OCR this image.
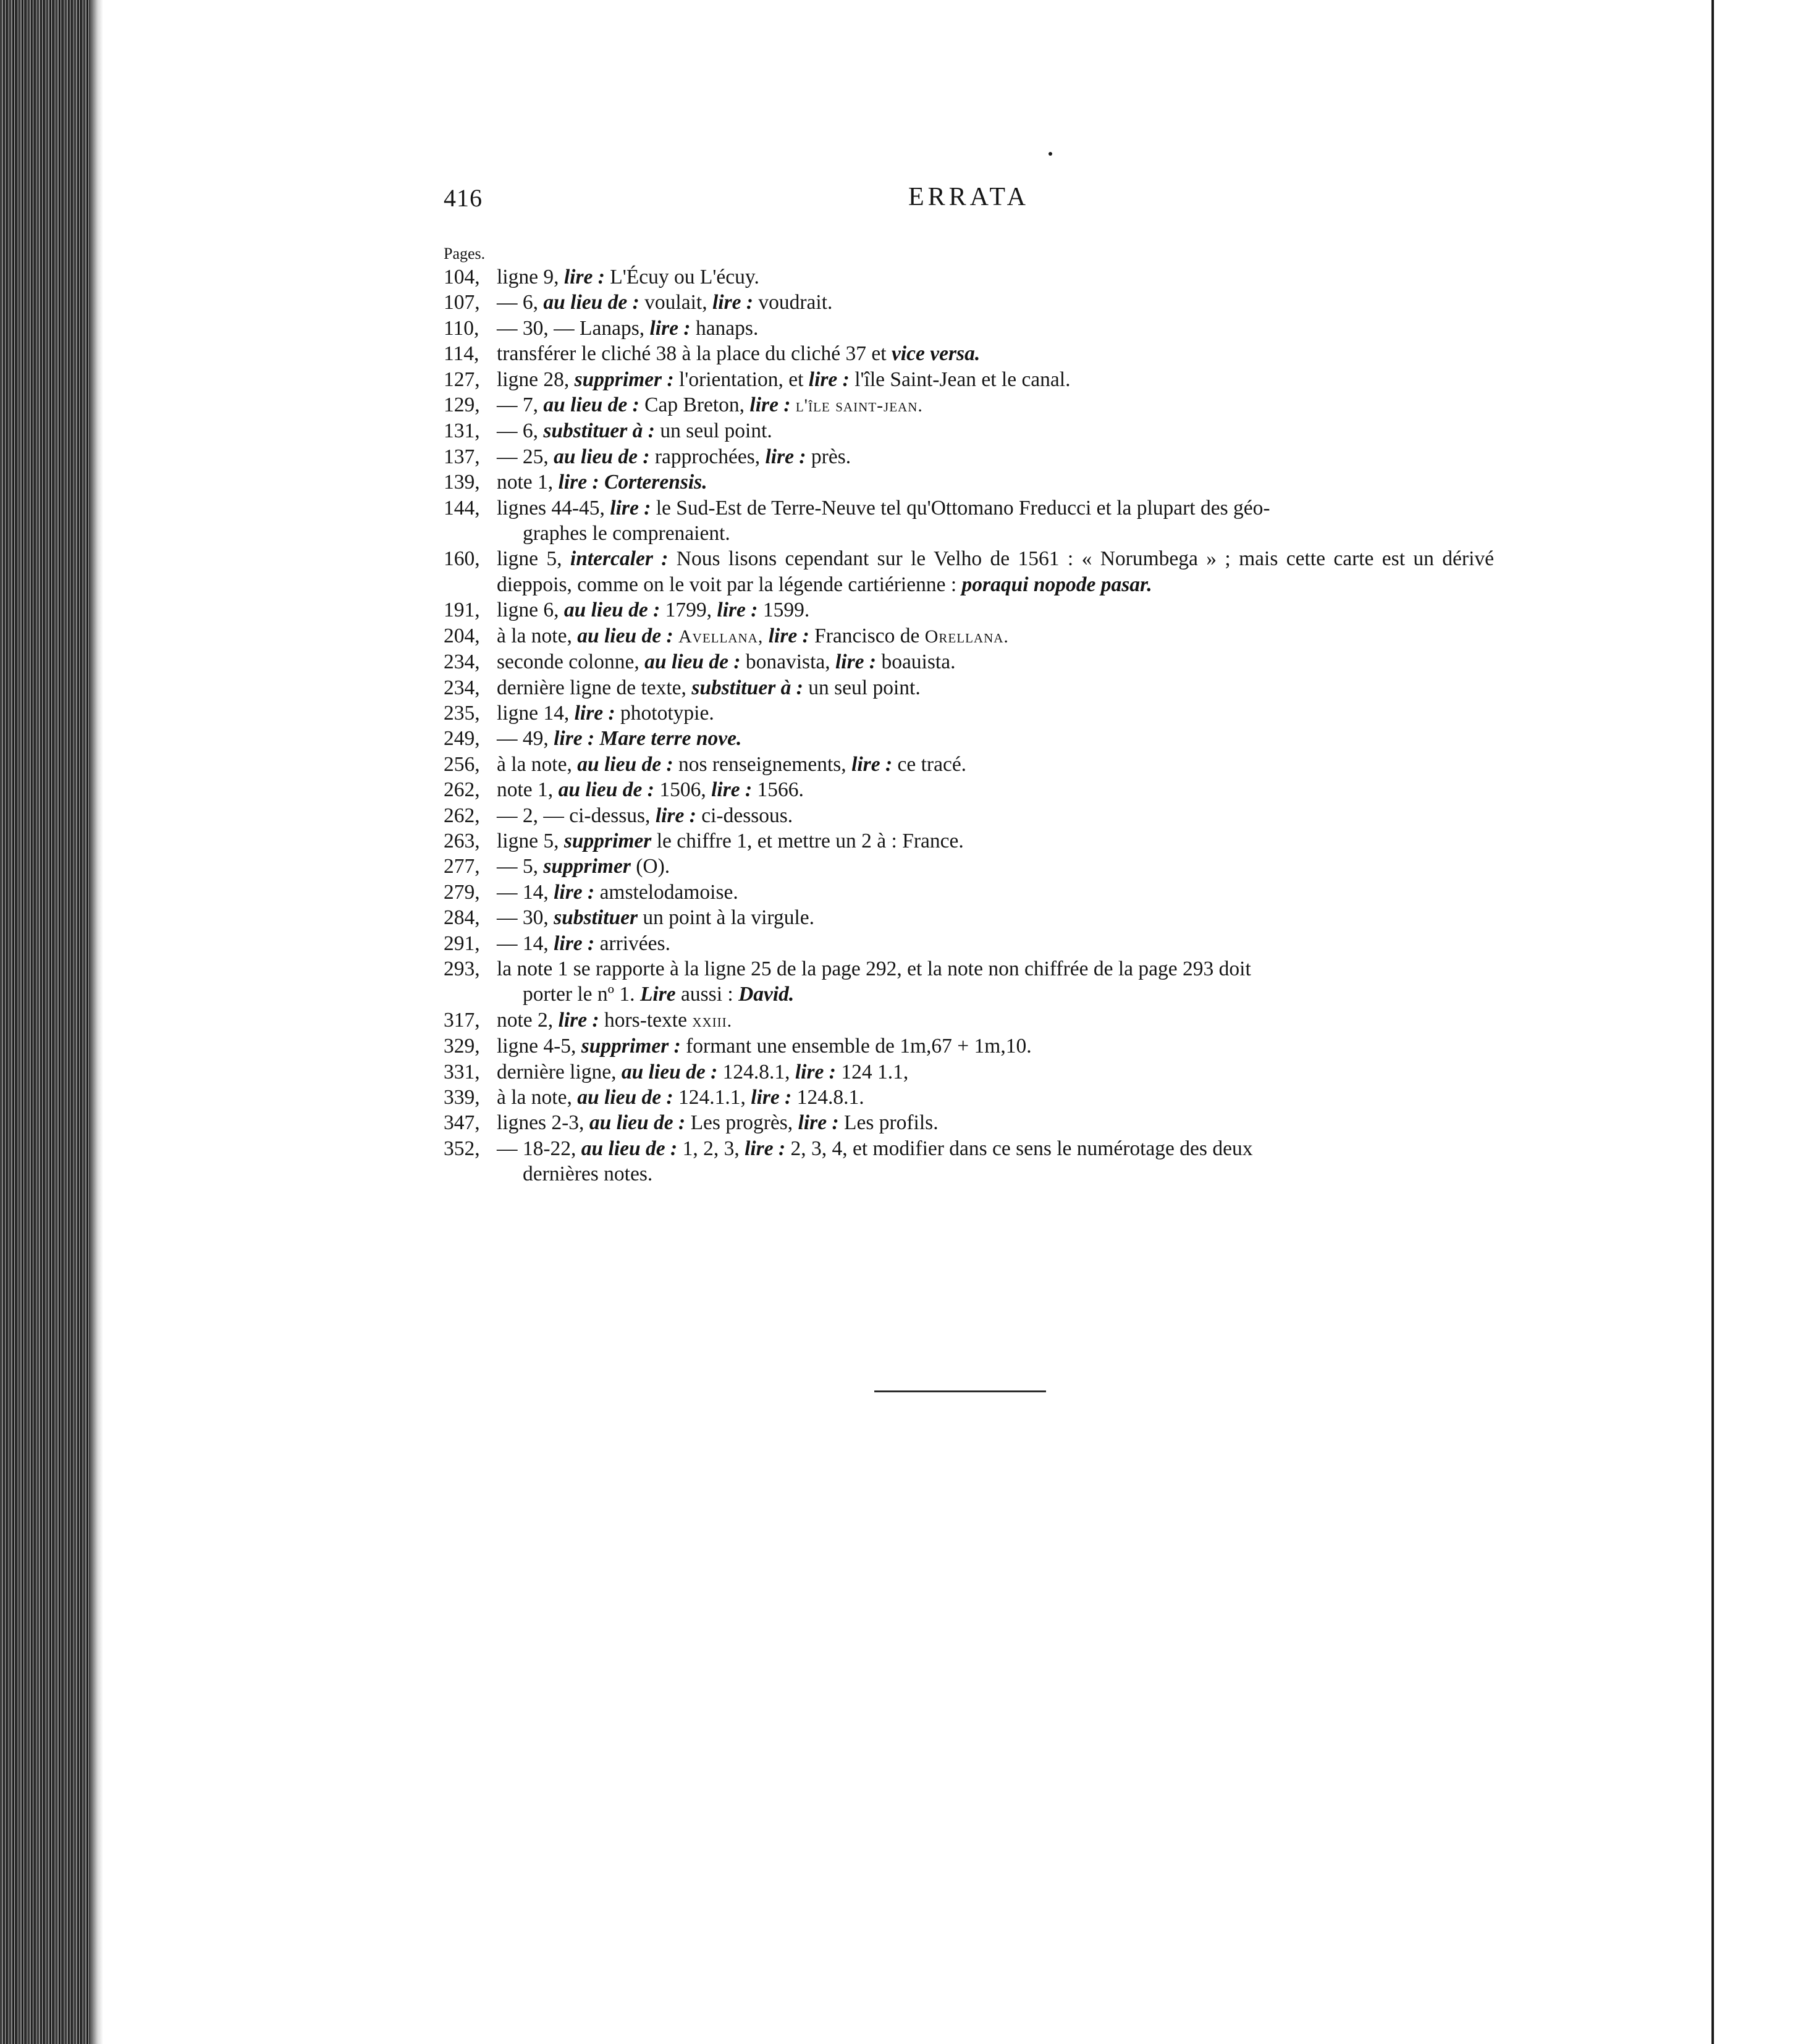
416	ERRATA
Pages.
104, ligne 9, lire : L'Écuy ou L'écuy.
107, — 6, au lieu de : voulait, lire : voudrait.
110, — 30, — Lanaps, lire : hanaps.
114, transférer le cliché 38 à la place du cliché 37 et vice versa.
127, ligne 28, supprimer : l'orientation, et lire : l'île Saint-Jean et le canal.
129, — 7, au lieu de : Cap Breton, lire : l'île saint-jean.
131, — 6, substituer à : un seul point.
137, — 25, au lieu de : rapprochées, lire : près.
139, note 1, lire : Corterensis.
144, lignes 44-45, lire : le Sud-Est de Terre-Neuve tel qu'Ottomano Freducci et la plupart des géo-
graphes le comprenaient.
160, ligne 5, intercaler : Nous lisons cependant sur le Velho de 1561 : « Norumbega » ; mais cette carte est un dérivé dieppois, comme on le voit par la légende cartiérienne : poraqui nopode pasar.
191, ligne 6, au lieu de : 1799, lire : 1599.
204, à la note, au lieu de : Avellana, lire : Francisco de Orellana.
234, seconde colonne, au lieu de : bonavista, lire : boauista.
234, dernière ligne de texte, substituer à : un seul point.
235, ligne 14, lire : phototypie.
249, — 49, lire : Mare terre nove.
256, à la note, au lieu de : nos renseignements, lire : ce tracé.
262, note 1, au lieu de : 1506, lire : 1566.
262, — 2, — ci-dessus, lire : ci-dessous.
263, ligne 5, supprimer le chiffre 1, et mettre un 2 à : France.
277, — 5, supprimer (O).
279, — 14, lire : amstelodamoise.
284, — 30, substituer un point à la virgule.
291, — 14, lire : arrivées.
293, la note 1 se rapporte à la ligne 25 de la page 292, et la note non chiffrée de la page 293 doit
porter le nº 1. Lire aussi : David.
317, note 2, lire : hors-texte xxiii.
329, ligne 4-5, supprimer : formant une ensemble de 1m,67 + 1m,10.
331, dernière ligne, au lieu de : 124.8.1, lire : 124 1.1,
339, à la note, au lieu de : 124.1.1, lire : 124.8.1.
347, lignes 2-3, au lieu de : Les progrès, lire : Les profils.
352, — 18-22, au lieu de : 1, 2, 3, lire : 2, 3, 4, et modifier dans ce sens le numérotage des deux
dernières notes.
